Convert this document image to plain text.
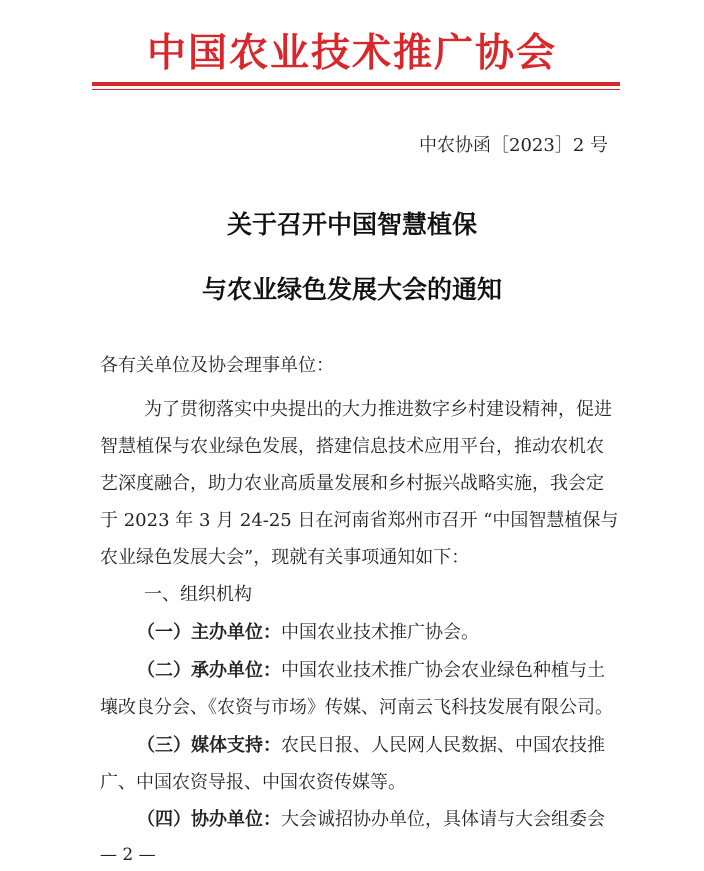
中国农业技术推广协会
中农协函［2023］2 号
关于召开中国智慧植保
与农业绿色发展大会的通知
各有关单位及协会理事单位：
为了贯彻落实中央提出的大力推进数字乡村建设精神，促进
智慧植保与农业绿色发展，搭建信息技术应用平台，推动农机农
艺深度融合，助力农业高质量发展和乡村振兴战略实施，我会定
于 2023 年 3 月 24-25 日在河南省郑州市召开 “中国智慧植保与
农业绿色发展大会”，现就有关事项通知如下：
一、组织机构
（一）主办单位：中国农业技术推广协会。
（二）承办单位：中国农业技术推广协会农业绿色种植与土
壤改良分会、《农资与市场》传媒、河南云飞科技发展有限公司。
（三）媒体支持：农民日报、人民网人民数据、中国农技推
广、中国农资导报、中国农资传媒等。
（四）协办单位：大会诚招协办单位，具体请与大会组委会
— 2 —
